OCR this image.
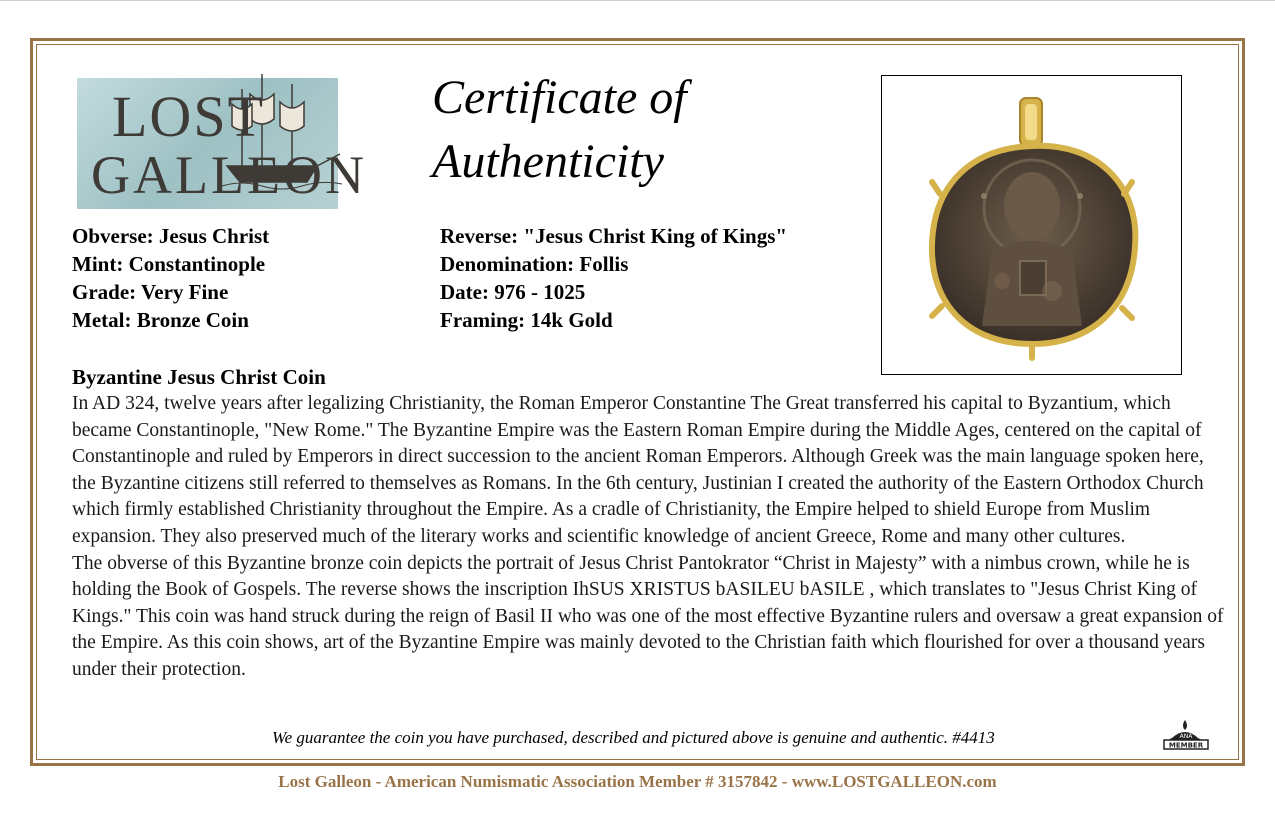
LOST
GALLEON
Certificate of
Authenticity
Obverse: Jesus Christ
Mint: Constantinople
Grade: Very Fine
Metal: Bronze Coin
Reverse: "Jesus Christ King of Kings"
Denomination: Follis
Date: 976 - 1025
Framing: 14k Gold
Byzantine Jesus Christ Coin

In AD 324, twelve years after legalizing Christianity, the Roman Emperor Constantine The Great transferred his capital to Byzantium, which became Constantinople, "New Rome." The Byzantine Empire was the Eastern Roman Empire during the Middle Ages, centered on the capital of Constantinople and ruled by Emperors in direct succession to the ancient Roman Emperors. Although Greek was the main language spoken here, the Byzantine citizens still referred to themselves as Romans. In the 6th century, Justinian I created the authority of the Eastern Orthodox Church which firmly established Christianity throughout the Empire. As a cradle of Christianity, the Empire helped to shield Europe from Muslim expansion. They also preserved much of the literary works and scientific knowledge of ancient Greece, Rome and many other cultures.

The obverse of this Byzantine bronze coin depicts the portrait of Jesus Christ Pantokrator “Christ in Majesty” with a nimbus crown, while he is holding the Book of Gospels. The reverse shows the inscription IhSUS XRISTUS bASILEU bASILE , which translates to "Jesus Christ King of Kings." This coin was hand struck during the reign of Basil II who was one of the most effective Byzantine rulers and oversaw a great expansion of the Empire. As this coin shows, art of the Byzantine Empire was mainly devoted to the Christian faith which flourished for over a thousand years under their protection.

We guarantee the coin you have purchased, described and pictured above is genuine and authentic. #4413	ANA
MEMBER
Lost Galleon - American Numismatic Association Member # 3157842 - www.LOSTGALLEON.com
